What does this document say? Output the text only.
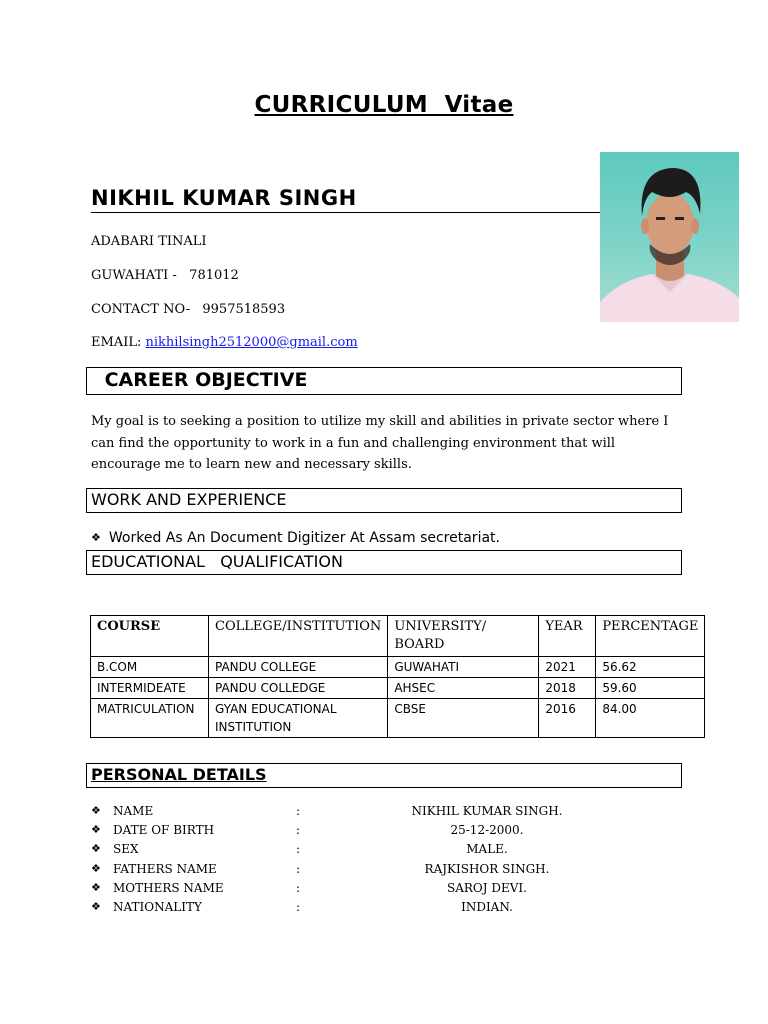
CURRICULUM  Vitae
NIKHIL KUMAR SINGH
ADABARI TINALI
GUWAHATI -   781012
CONTACT NO- 9957518593
EMAIL: nikhilsingh2512000@gmail.com
CAREER OBJECTIVE
My goal is to seeking a position to utilize my skill and abilities in private sector where I can find the opportunity to work in a fun and challenging environment that will encourage me to learn new and necessary skills.
WORK AND EXPERIENCE
❖ Worked As An Document Digitizer At Assam secretariat.
EDUCATIONAL   QUALIFICATION
COURSE	COLLEGE/INSTITUTION	UNIVERSITY/ BOARD	YEAR	PERCENTAGE
B.COM	PANDU COLLEGE	GUWAHATI	2021	56.62
INTERMIDEATE	PANDU COLLEDGE	AHSEC	2018	59.60
MATRICULATION	GYAN EDUCATIONAL INSTITUTION	CBSE	2016	84.00
PERSONAL DETAILS
❖ NAME	:	NIKHIL KUMAR SINGH.
❖ DATE OF BIRTH	:	25-12-2000.
❖ SEX	:	MALE.
❖ FATHERS NAME	:	RAJKISHOR SINGH.
❖ MOTHERS NAME	:	SAROJ DEVI.
❖ NATIONALITY	:	INDIAN.
